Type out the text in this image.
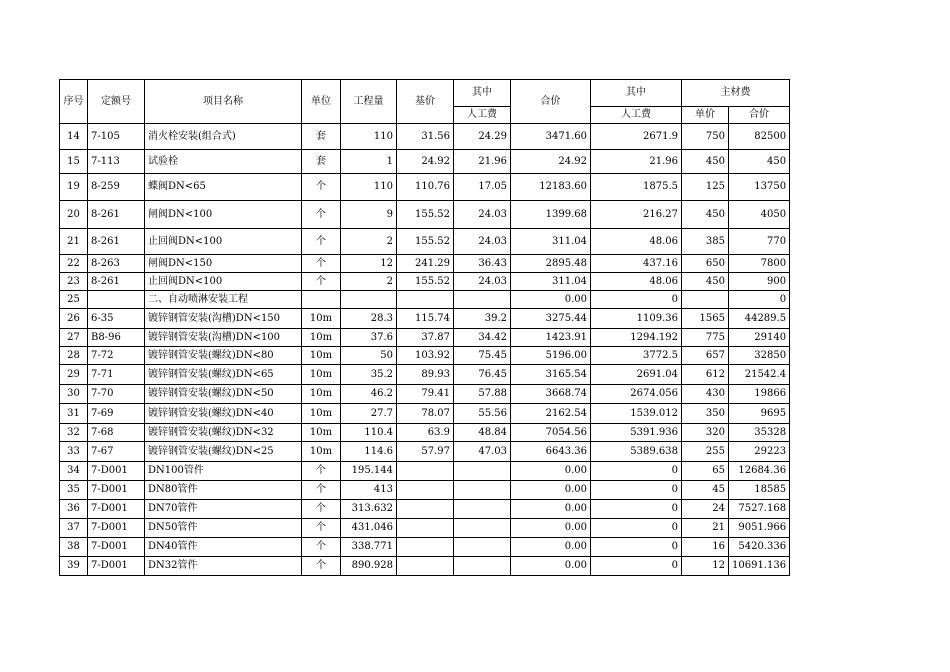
序号	定额号	项目名称	单位	工程量	基价	其中	合价	其中	主材费	
						人工费		人工费	单价	合价
14	7-105	消火栓安装(组合式)	套	110	31.56	24.29	3471.60	2671.9	750	82500
15	7-113	试验栓	套	1	24.92	21.96	24.92	21.96	450	450
19	8-259	蝶阀DN<65	个	110	110.76	17.05	12183.60	1875.5	125	13750
20	8-261	闸阀DN<100	个	9	155.52	24.03	1399.68	216.27	450	4050
21	8-261	止回阀DN<100	个	2	155.52	24.03	311.04	48.06	385	770
22	8-263	闸阀DN<150	个	12	241.29	36.43	2895.48	437.16	650	7800
23	8-261	止回阀DN<100	个	2	155.52	24.03	311.04	48.06	450	900
25		二、自动喷淋安装工程					0.00	0		0
26	6-35	镀锌钢管安装(沟槽)DN<150	10m	28.3	115.74	39.2	3275.44	1109.36	1565	44289.5
27	B8-96	镀锌钢管安装(沟槽)DN<100	10m	37.6	37.87	34.42	1423.91	1294.192	775	29140
28	7-72	镀锌钢管安装(螺纹)DN<80	10m	50	103.92	75.45	5196.00	3772.5	657	32850
29	7-71	镀锌钢管安装(螺纹)DN<65	10m	35.2	89.93	76.45	3165.54	2691.04	612	21542.4
30	7-70	镀锌钢管安装(螺纹)DN<50	10m	46.2	79.41	57.88	3668.74	2674.056	430	19866
31	7-69	镀锌钢管安装(螺纹)DN<40	10m	27.7	78.07	55.56	2162.54	1539.012	350	9695
32	7-68	镀锌钢管安装(螺纹)DN<32	10m	110.4	63.9	48.84	7054.56	5391.936	320	35328
33	7-67	镀锌钢管安装(螺纹)DN<25	10m	114.6	57.97	47.03	6643.36	5389.638	255	29223
34	7-D001	DN100管件	个	195.144			0.00	0	65	12684.36
35	7-D001	DN80管件	个	413			0.00	0	45	18585
36	7-D001	DN70管件	个	313.632			0.00	0	24	7527.168
37	7-D001	DN50管件	个	431.046			0.00	0	21	9051.966
38	7-D001	DN40管件	个	338.771			0.00	0	16	5420.336
39	7-D001	DN32管件	个	890.928			0.00	0	12	10691.136
